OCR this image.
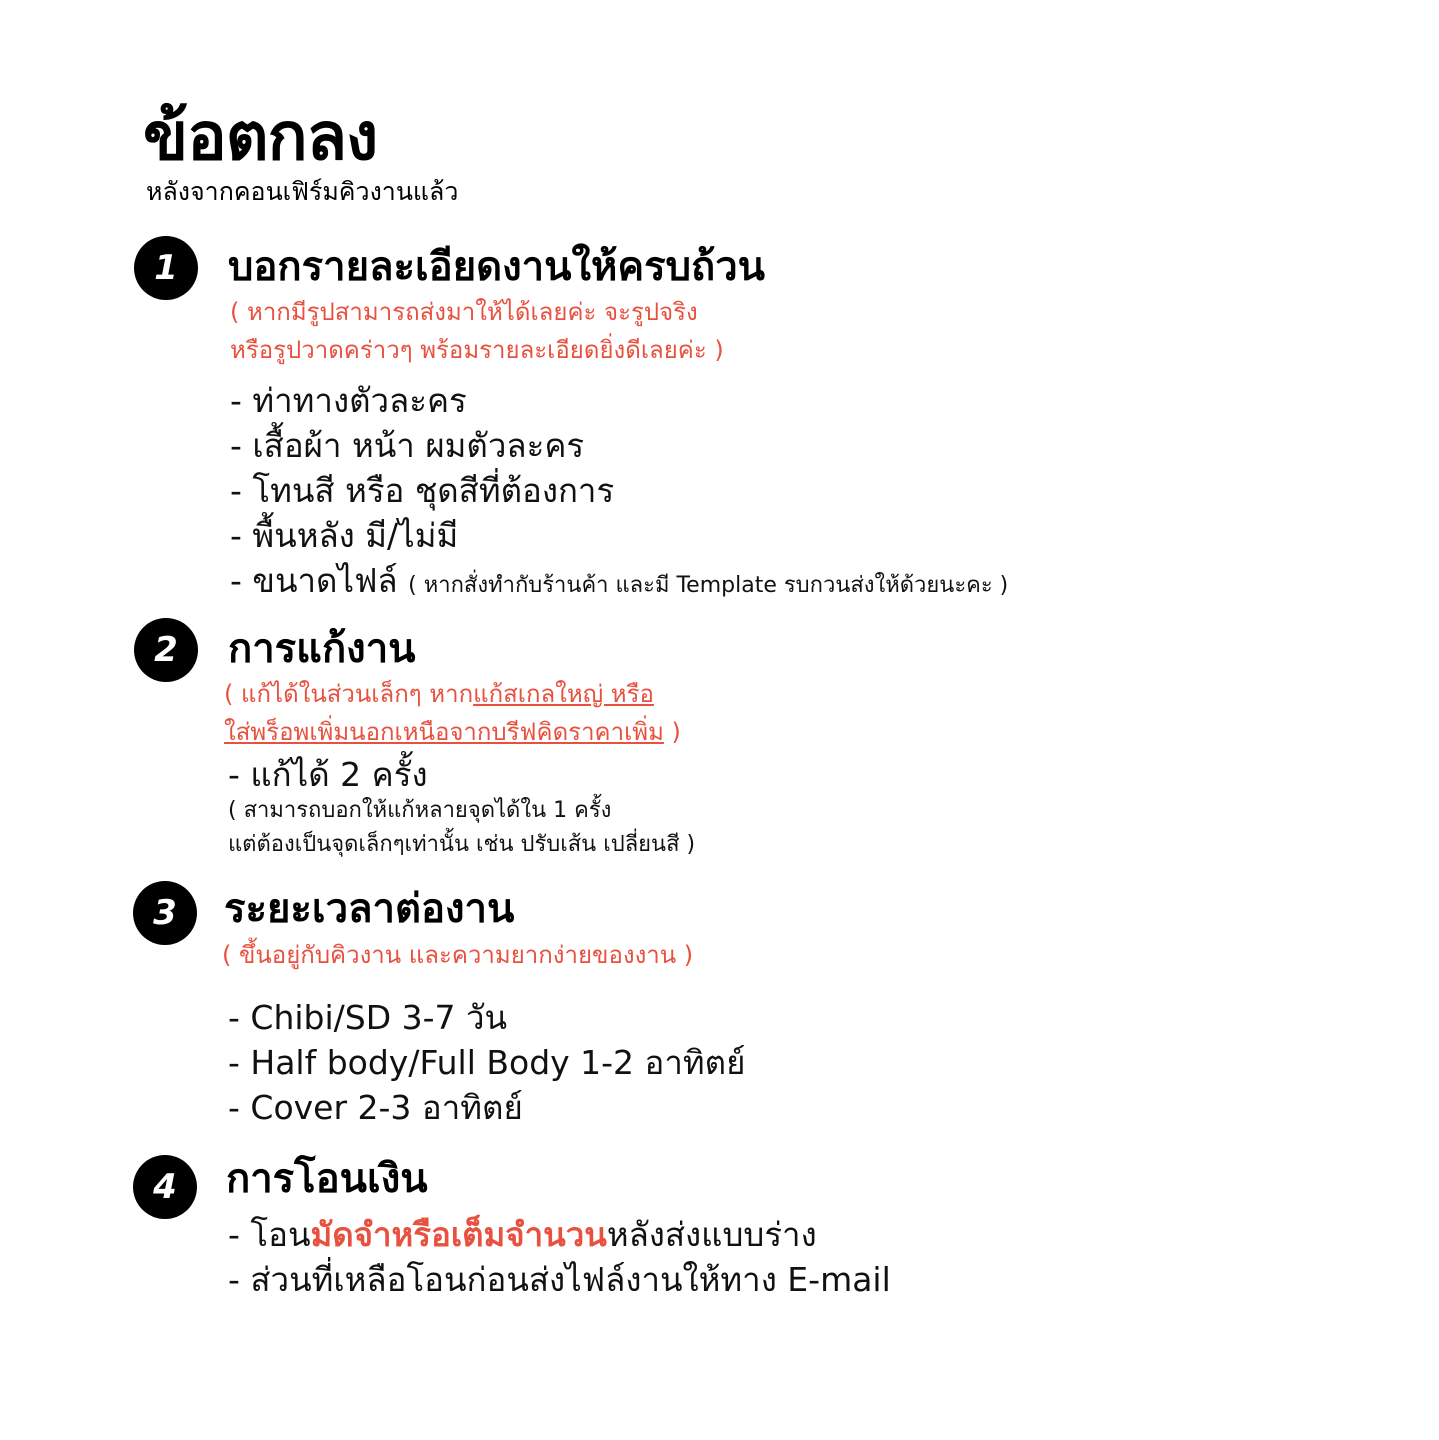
ข้อตกลง
หลังจากคอนเฟิร์มคิวงานแล้ว
1	บอกรายละเอียดงานให้ครบถ้วน
( หากมีรูปสามารถส่งมาให้ได้เลยค่ะ จะรูปจริง
หรือรูปวาดคร่าวๆ พร้อมรายละเอียดยิ่งดีเลยค่ะ )
- ท่าทางตัวละคร
- เสื้อผ้า หน้า ผมตัวละคร
- โทนสี หรือ ชุดสีที่ต้องการ
- พื้นหลัง มี/ไม่มี
- ขนาดไฟล์ ( หากสั่งทำกับร้านค้า และมี Template รบกวนส่งให้ด้วยนะคะ )
2	การแก้งาน
( แก้ได้ในส่วนเล็กๆ หากแก้สเกลใหญ่ หรือ
ใส่พร็อพเพิ่มนอกเหนือจากบรีฟคิดราคาเพิ่ม )
- แก้ได้ 2 ครั้ง
( สามารถบอกให้แก้หลายจุดได้ใน 1 ครั้ง
แต่ต้องเป็นจุดเล็กๆเท่านั้น เช่น ปรับเส้น เปลี่ยนสี )
3	ระยะเวลาต่องาน
( ขึ้นอยู่กับคิวงาน และความยากง่ายของงาน )
- Chibi/SD 3-7 วัน
- Half body/Full Body 1-2 อาทิตย์
- Cover 2-3 อาทิตย์
4	การโอนเงิน
- โอนมัดจำหรือเต็มจำนวนหลังส่งแบบร่าง
- ส่วนที่เหลือโอนก่อนส่งไฟล์งานให้ทาง E-mail
